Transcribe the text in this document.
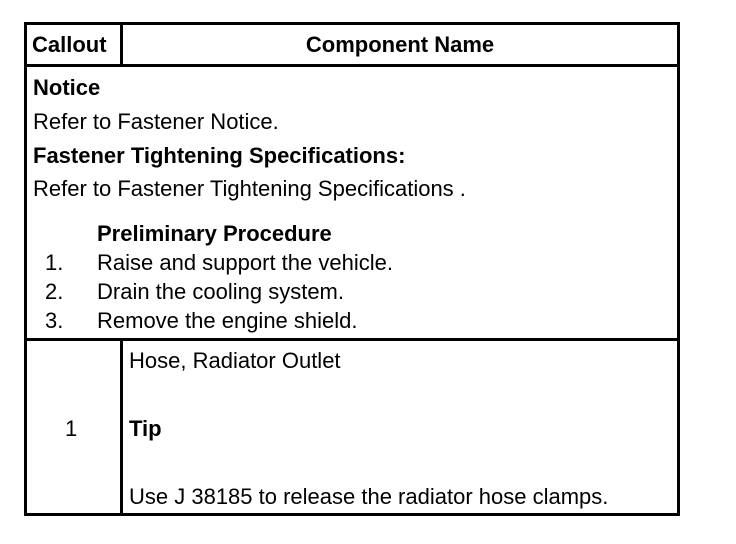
Callout	Component Name
Notice
Refer to Fastener Notice.
Fastener Tightening Specifications:
Refer to Fastener Tightening Specifications .
Preliminary Procedure
1. Raise and support the vehicle.
2. Drain the cooling system.
3. Remove the engine shield.
1
Hose, Radiator Outlet
Tip
Use J 38185 to release the radiator hose clamps.
